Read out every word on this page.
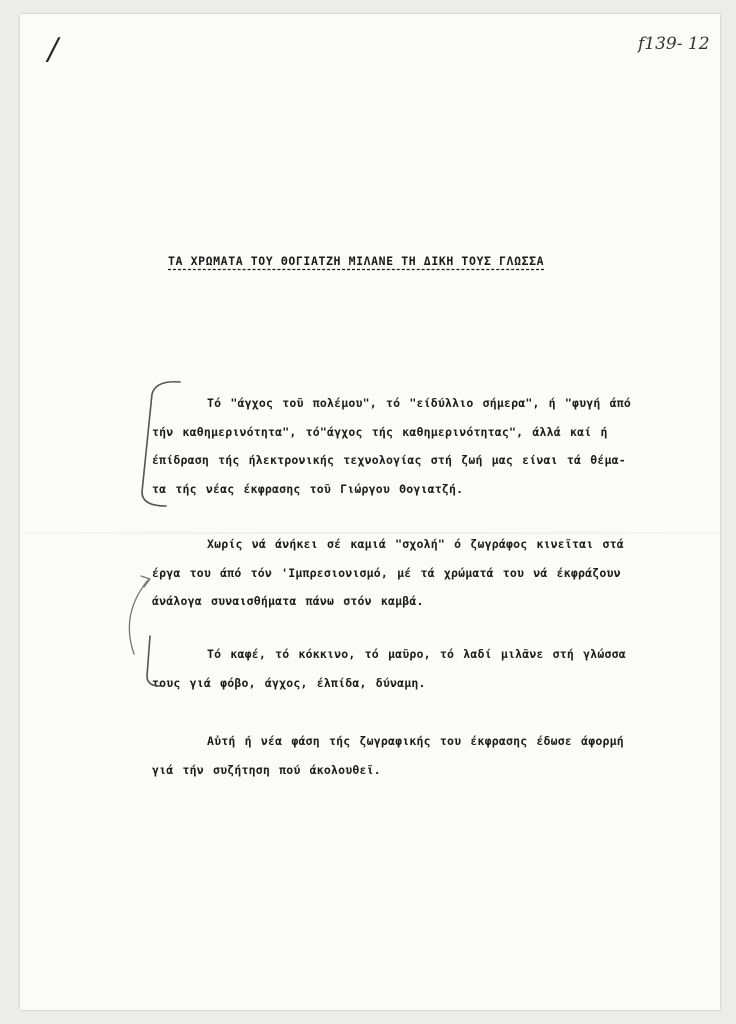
/	f139- 12
ΤΑ ΧΡΩΜΑΤΑ ΤΟΥ ΘΟΓΙΑΤΖΗ ΜΙΛΑΝΕ ΤΗ ΔΙΚΗ ΤΟΥΣ ΓΛΩΣΣΑ
Τό "άγχος τοῦ πολέμου", τό "είδύλλιο σήμερα", ή "φυγή άπό
τήν καθημερινότητα", τό"άγχος τής καθημερινότητας", άλλά καί ή
έπίδραση τής ήλεκτρονικής τεχνολογίας στή ζωή μας είναι τά θέμα-
τα τής νέας έκφρασης τοῦ Γιώργου Θογιατζή.
Χωρίς νά άνήκει σέ καμιά "σχολή" ό ζωγράφος κινεῖται στά
έργα του άπό τόν 'Ιμπρεσιονισμό, μέ τά χρώματά του νά έκφράζουν
άνάλογα συναισθήματα πάνω στόν καμβά.
Τό καφέ, τό κόκκινο, τό μαῦρο, τό λαδί μιλᾶνε στή γλώσσα
τους γιά φόβο, άγχος, έλπίδα, δύναμη.
Αὐτή ή νέα φάση τής ζωγραφικής του έκφρασης έδωσε άφορμή
γιά τήν συζήτηση πού άκολουθεῖ.
